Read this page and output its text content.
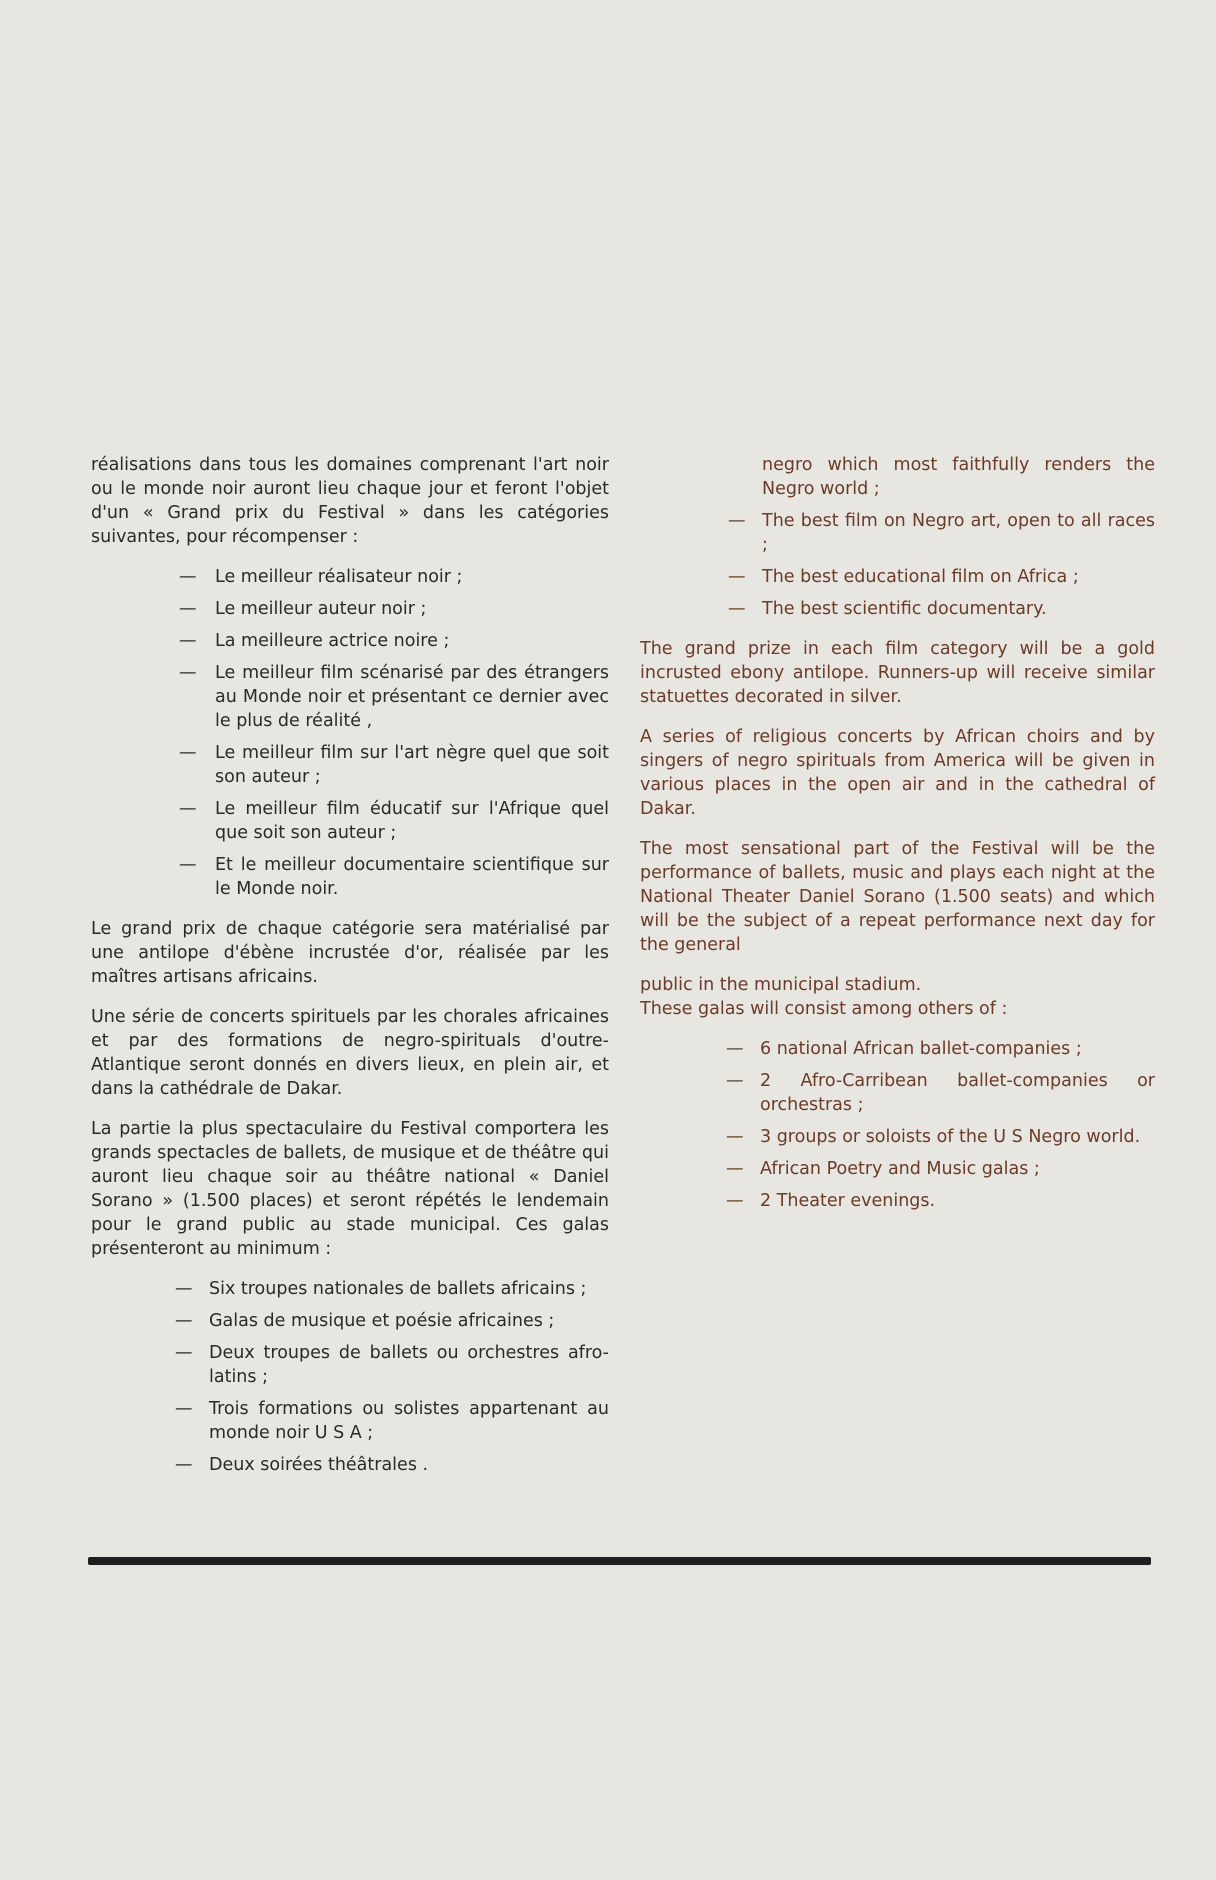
réalisations dans tous les domaines comprenant l'art noir ou le monde noir auront lieu chaque jour et feront l'objet d'un « Grand prix du Festival » dans les catégories suivantes, pour récompenser :

— Le meilleur réalisateur noir ;
— Le meilleur auteur noir ;
— La meilleure actrice noire ;
— Le meilleur film scénarisé par des étrangers au Monde noir et présentant ce dernier avec le plus de réalité ,
— Le meilleur film sur l'art nègre quel que soit son auteur ;
— Le meilleur film éducatif sur l'Afrique quel que soit son auteur ;
— Et le meilleur documentaire scientifique sur le Monde noir.

Le grand prix de chaque catégorie sera matérialisé par une antilope d'ébène incrustée d'or, réalisée par les maîtres artisans africains.

Une série de concerts spirituels par les chorales africaines et par des formations de negro-spirituals d'outre-Atlantique seront donnés en divers lieux, en plein air, et dans la cathédrale de Dakar.

La partie la plus spectaculaire du Festival comportera les grands spectacles de ballets, de musique et de théâtre qui auront lieu chaque soir au théâtre national « Daniel Sorano » (1.500 places) et seront répétés le lendemain pour le grand public au stade municipal. Ces galas présenteront au minimum :

— Six troupes nationales de ballets africains ;
— Galas de musique et poésie africaines ;
— Deux troupes de ballets ou orchestres afro-latins ;
— Trois formations ou solistes appartenant au monde noir U S A ;
— Deux soirées théâtrales .

negro which most faithfully renders the Negro world ;

— The best film on Negro art, open to all races ;
— The best educational film on Africa ;
— The best scientific documentary.

The grand prize in each film category will be a gold incrusted ebony antilope. Runners-up will receive similar statuettes decorated in silver.

A series of religious concerts by African choirs and by singers of negro spirituals from America will be given in various places in the open air and in the cathedral of Dakar.

The most sensational part of the Festival will be the performance of ballets, music and plays each night at the National Theater Daniel Sorano (1.500 seats) and which will be the subject of a repeat performance next day for the general

public in the municipal stadium.

These galas will consist among others of :

— 6 national African ballet-companies ;
— 2 Afro-Carribean ballet-companies or orchestras ;
— 3 groups or soloists of the U S Negro world.
— African Poetry and Music galas ;
— 2 Theater evenings.
